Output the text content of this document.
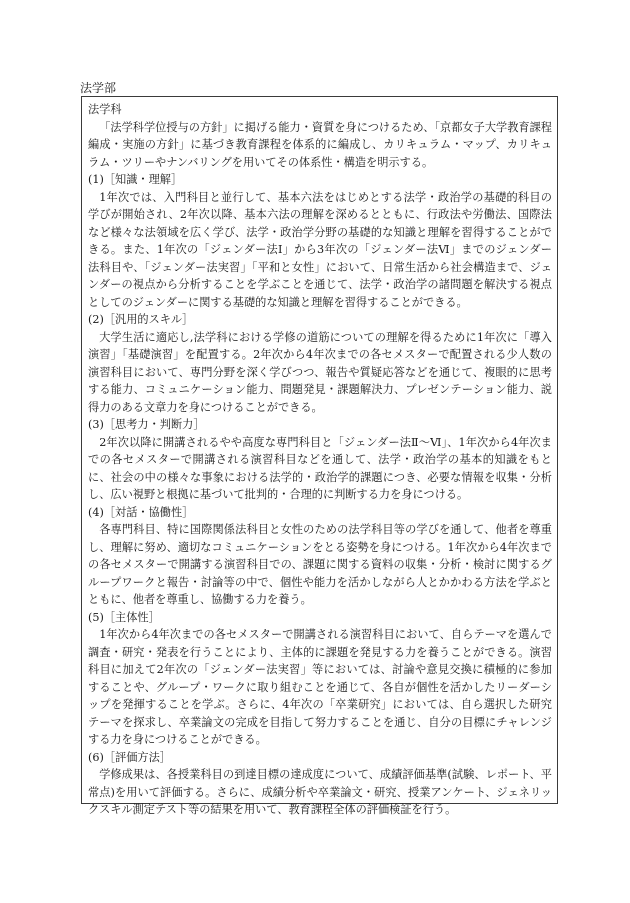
法学部
法学科

「法学科学位授与の方針」に掲げる能力・資質を身につけるため、「京都女子大学教育課程編成・実施の方針」に基づき教育課程を体系的に編成し、カリキュラム・マップ、カリキュラム・ツリーやナンバリングを用いてその体系性・構造を明示する。

(1)［知識・理解］

1年次では、入門科目と並行して、基本六法をはじめとする法学・政治学の基礎的科目の学びが開始され、2年次以降、基本六法の理解を深めるとともに、行政法や労働法、国際法など様々な法領域を広く学び、法学・政治学分野の基礎的な知識と理解を習得することができる。また、1年次の「ジェンダー法Ⅰ」から3年次の「ジェンダー法Ⅵ」までのジェンダー法科目や、「ジェンダー法実習」「平和と女性」において、日常生活から社会構造まで、ジェンダーの視点から分析することを学ぶことを通じて、法学・政治学の諸問題を解決する視点としてのジェンダーに関する基礎的な知識と理解を習得することができる。

(2)［汎用的スキル］

大学生活に適応し,法学科における学修の道筋についての理解を得るために1年次に「導入演習」「基礎演習」を配置する。2年次から4年次までの各セメスターで配置される少人数の演習科目において、専門分野を深く学びつつ、報告や質疑応答などを通じて、複眼的に思考する能力、コミュニケーション能力、問題発見・課題解決力、プレゼンテーション能力、説得力のある文章力を身につけることができる。

(3)［思考力・判断力］

2年次以降に開講されるやや高度な専門科目と「ジェンダー法Ⅱ～Ⅵ」、1年次から4年次までの各セメスターで開講される演習科目などを通して、法学・政治学の基本的知識をもとに、社会の中の様々な事象における法学的・政治学的課題につき、必要な情報を収集・分析し、広い視野と根拠に基づいて批判的・合理的に判断する力を身につける。

(4)［対話・協働性］

各専門科目、特に国際関係法科目と女性のための法学科目等の学びを通して、他者を尊重し、理解に努め、適切なコミュニケーションをとる姿勢を身につける。1年次から4年次までの各セメスターで開講する演習科目での、課題に関する資料の収集・分析・検討に関するグループワークと報告・討論等の中で、個性や能力を活かしながら人とかかわる方法を学ぶとともに、他者を尊重し、協働する力を養う。

(5)［主体性］

1年次から4年次までの各セメスターで開講される演習科目において、自らテーマを選んで調査・研究・発表を行うことにより、主体的に課題を発見する力を養うことができる。演習科目に加えて2年次の「ジェンダー法実習」等においては、討論や意見交換に積極的に参加することや、グループ・ワークに取り組むことを通じて、各自が個性を活かしたリーダーシップを発揮することを学ぶ。さらに、4年次の「卒業研究」においては、自ら選択した研究テーマを探求し、卒業論文の完成を目指して努力することを通じ、自分の目標にチャレンジする力を身につけることができる。

(6)［評価方法］

学修成果は、各授業科目の到達目標の達成度について、成績評価基準(試験、レポート、平常点)を用いて評価する。さらに、成績分析や卒業論文・研究、授業アンケート、ジェネリックスキル測定テスト等の結果を用いて、教育課程全体の評価検証を行う。
